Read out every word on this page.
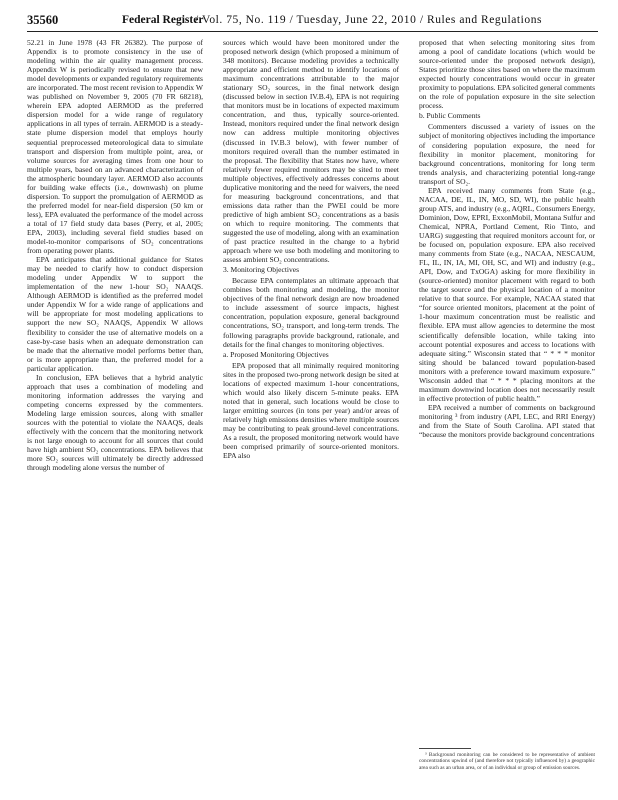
35560	Federal Register
/ Vol. 75, No. 119 / Tuesday, June 22, 2010 / Rules and Regulations

52.21 in June 1978 (43 FR 26382). The purpose of Appendix is to promote consistency in the use of modeling within the air quality management process. Appendix W is periodically revised to ensure that new model developments or expanded regulatory requirements are incorporated. The most recent revision to Appendix W was published on November 9, 2005 (70 FR 68218), wherein EPA adopted AERMOD as the preferred dispersion model for a wide range of regulatory applications in all types of terrain. AERMOD is a steady-state plume dispersion model that employs hourly sequential preprocessed meteorological data to simulate transport and dispersion from multiple point, area, or volume sources for averaging times from one hour to multiple years, based on an advanced characterization of the atmospheric boundary layer. AERMOD also accounts for building wake effects (i.e., downwash) on plume dispersion. To support the promulgation of AERMOD as the preferred model for near-field dispersion (50 km or less), EPA evaluated the performance of the model across a total of 17 field study data bases (Perry, et al, 2005; EPA, 2003), including several field studies based on model-to-monitor comparisons of SO₂ concentrations from operating power plants.

EPA anticipates that additional guidance for States may be needed to clarify how to conduct dispersion modeling under Appendix W to support the implementation of the new 1-hour SO₂ NAAQS. Although AERMOD is identified as the preferred model under Appendix W for a wide range of applications and will be appropriate for most modeling applications to support the new SO₂ NAAQS, Appendix W allows flexibility to consider the use of alternative models on a case-by-case basis when an adequate demonstration can be made that the alternative model performs better than, or is more appropriate than, the preferred model for a particular application.

In conclusion, EPA believes that a hybrid analytic approach that uses a combination of modeling and monitoring information addresses the varying and competing concerns expressed by the commenters. Modeling large emission sources, along with smaller sources with the potential to violate the NAAQS, deals effectively with the concern that the monitoring network is not large enough to account for all sources that could have high ambient SO₂ concentrations. EPA believes that more SO₂ sources will ultimately be directly addressed through modeling alone versus the number of

sources which would have been monitored under the proposed network design (which proposed a minimum of 348 monitors). Because modeling provides a technically appropriate and efficient method to identify locations of maximum concentrations attributable to the major stationary SO₂ sources, in the final network design (discussed below in section IV.B.4), EPA is not requiring that monitors must be in locations of expected maximum concentration, and thus, typically source-oriented. Instead, monitors required under the final network design now can address multiple monitoring objectives (discussed in IV.B.3 below), with fewer number of monitors required overall than the number estimated in the proposal. The flexibility that States now have, where relatively fewer required monitors may be sited to meet multiple objectives, effectively addresses concerns about duplicative monitoring and the need for waivers, the need for measuring background concentrations, and that emissions data rather than the PWEI could be more predictive of high ambient SO₂ concentrations as a basis on which to require monitoring. The comments that suggested the use of modeling, along with an examination of past practice resulted in the change to a hybrid approach where we use both modeling and monitoring to assess ambient SO₂ concentrations.

3. Monitoring Objectives

Because EPA contemplates an ultimate approach that combines both monitoring and modeling, the monitor objectives of the final network design are now broadened to include assessment of source impacts, highest concentration, population exposure, general background concentrations, SO₂ transport, and long-term trends. The following paragraphs provide background, rationale, and details for the final changes to monitoring objectives.

a. Proposed Monitoring Objectives

EPA proposed that all minimally required monitoring sites in the proposed two-prong network design be sited at locations of expected maximum 1-hour concentrations, which would also likely discern 5-minute peaks. EPA noted that in general, such locations would be close to larger emitting sources (in tons per year) and/or areas of relatively high emissions densities where multiple sources may be contributing to peak ground-level concentrations. As a result, the proposed monitoring network would have been comprised primarily of source-oriented monitors. EPA also

proposed that when selecting monitoring sites from among a pool of candidate locations (which would be source-oriented under the proposed network design), States prioritize those sites based on where the maximum expected hourly concentrations would occur in greater proximity to populations. EPA solicited general comments on the role of population exposure in the site selection process.

b. Public Comments

Commenters discussed a variety of issues on the subject of monitoring objectives including the importance of considering population exposure, the need for flexibility in monitor placement, monitoring for background concentrations, monitoring for long term trends analysis, and characterizing potential long-range transport of SO₂.

EPA received many comments from State (e.g., NACAA, DE, IL, IN, MO, SD, WI), the public health group ATS, and industry (e.g., AQRL, Consumers Energy, Dominion, Dow, EPRI, ExxonMobil, Montana Sulfur and Chemical, NPRA, Portland Cement, Rio Tinto, and UARG) suggesting that required monitors account for, or be focused on, population exposure. EPA also received many comments from State (e.g., NACAA, NESCAUM, FL, IL, IN, IA, MI, OH, SC, and WI) and industry (e.g., API, Dow, and TxOGA) asking for more flexibility in (source-oriented) monitor placement with regard to both the target source and the physical location of a monitor relative to that source. For example, NACAA stated that “for source oriented monitors, placement at the point of 1-hour maximum concentration must be realistic and flexible. EPA must allow agencies to determine the most scientifically defensible location, while taking into account potential exposures and access to locations with adequate siting.” Wisconsin stated that “ * * * monitor siting should be balanced toward population-based monitors with a preference toward maximum exposure.” Wisconsin added that “ * * * placing monitors at the maximum downwind location does not necessarily result in effective protection of public health.”

EPA received a number of comments on background monitoring ³ from industry (API, LEC, and RRI Energy) and from the State of South Carolina. API stated that “because the monitors provide background concentrations

³ Background monitoring can be considered to be representative of ambient concentrations upwind of (and therefore not typically influenced by) a geographic area such as an urban area, or of an individual or group of emission sources.
